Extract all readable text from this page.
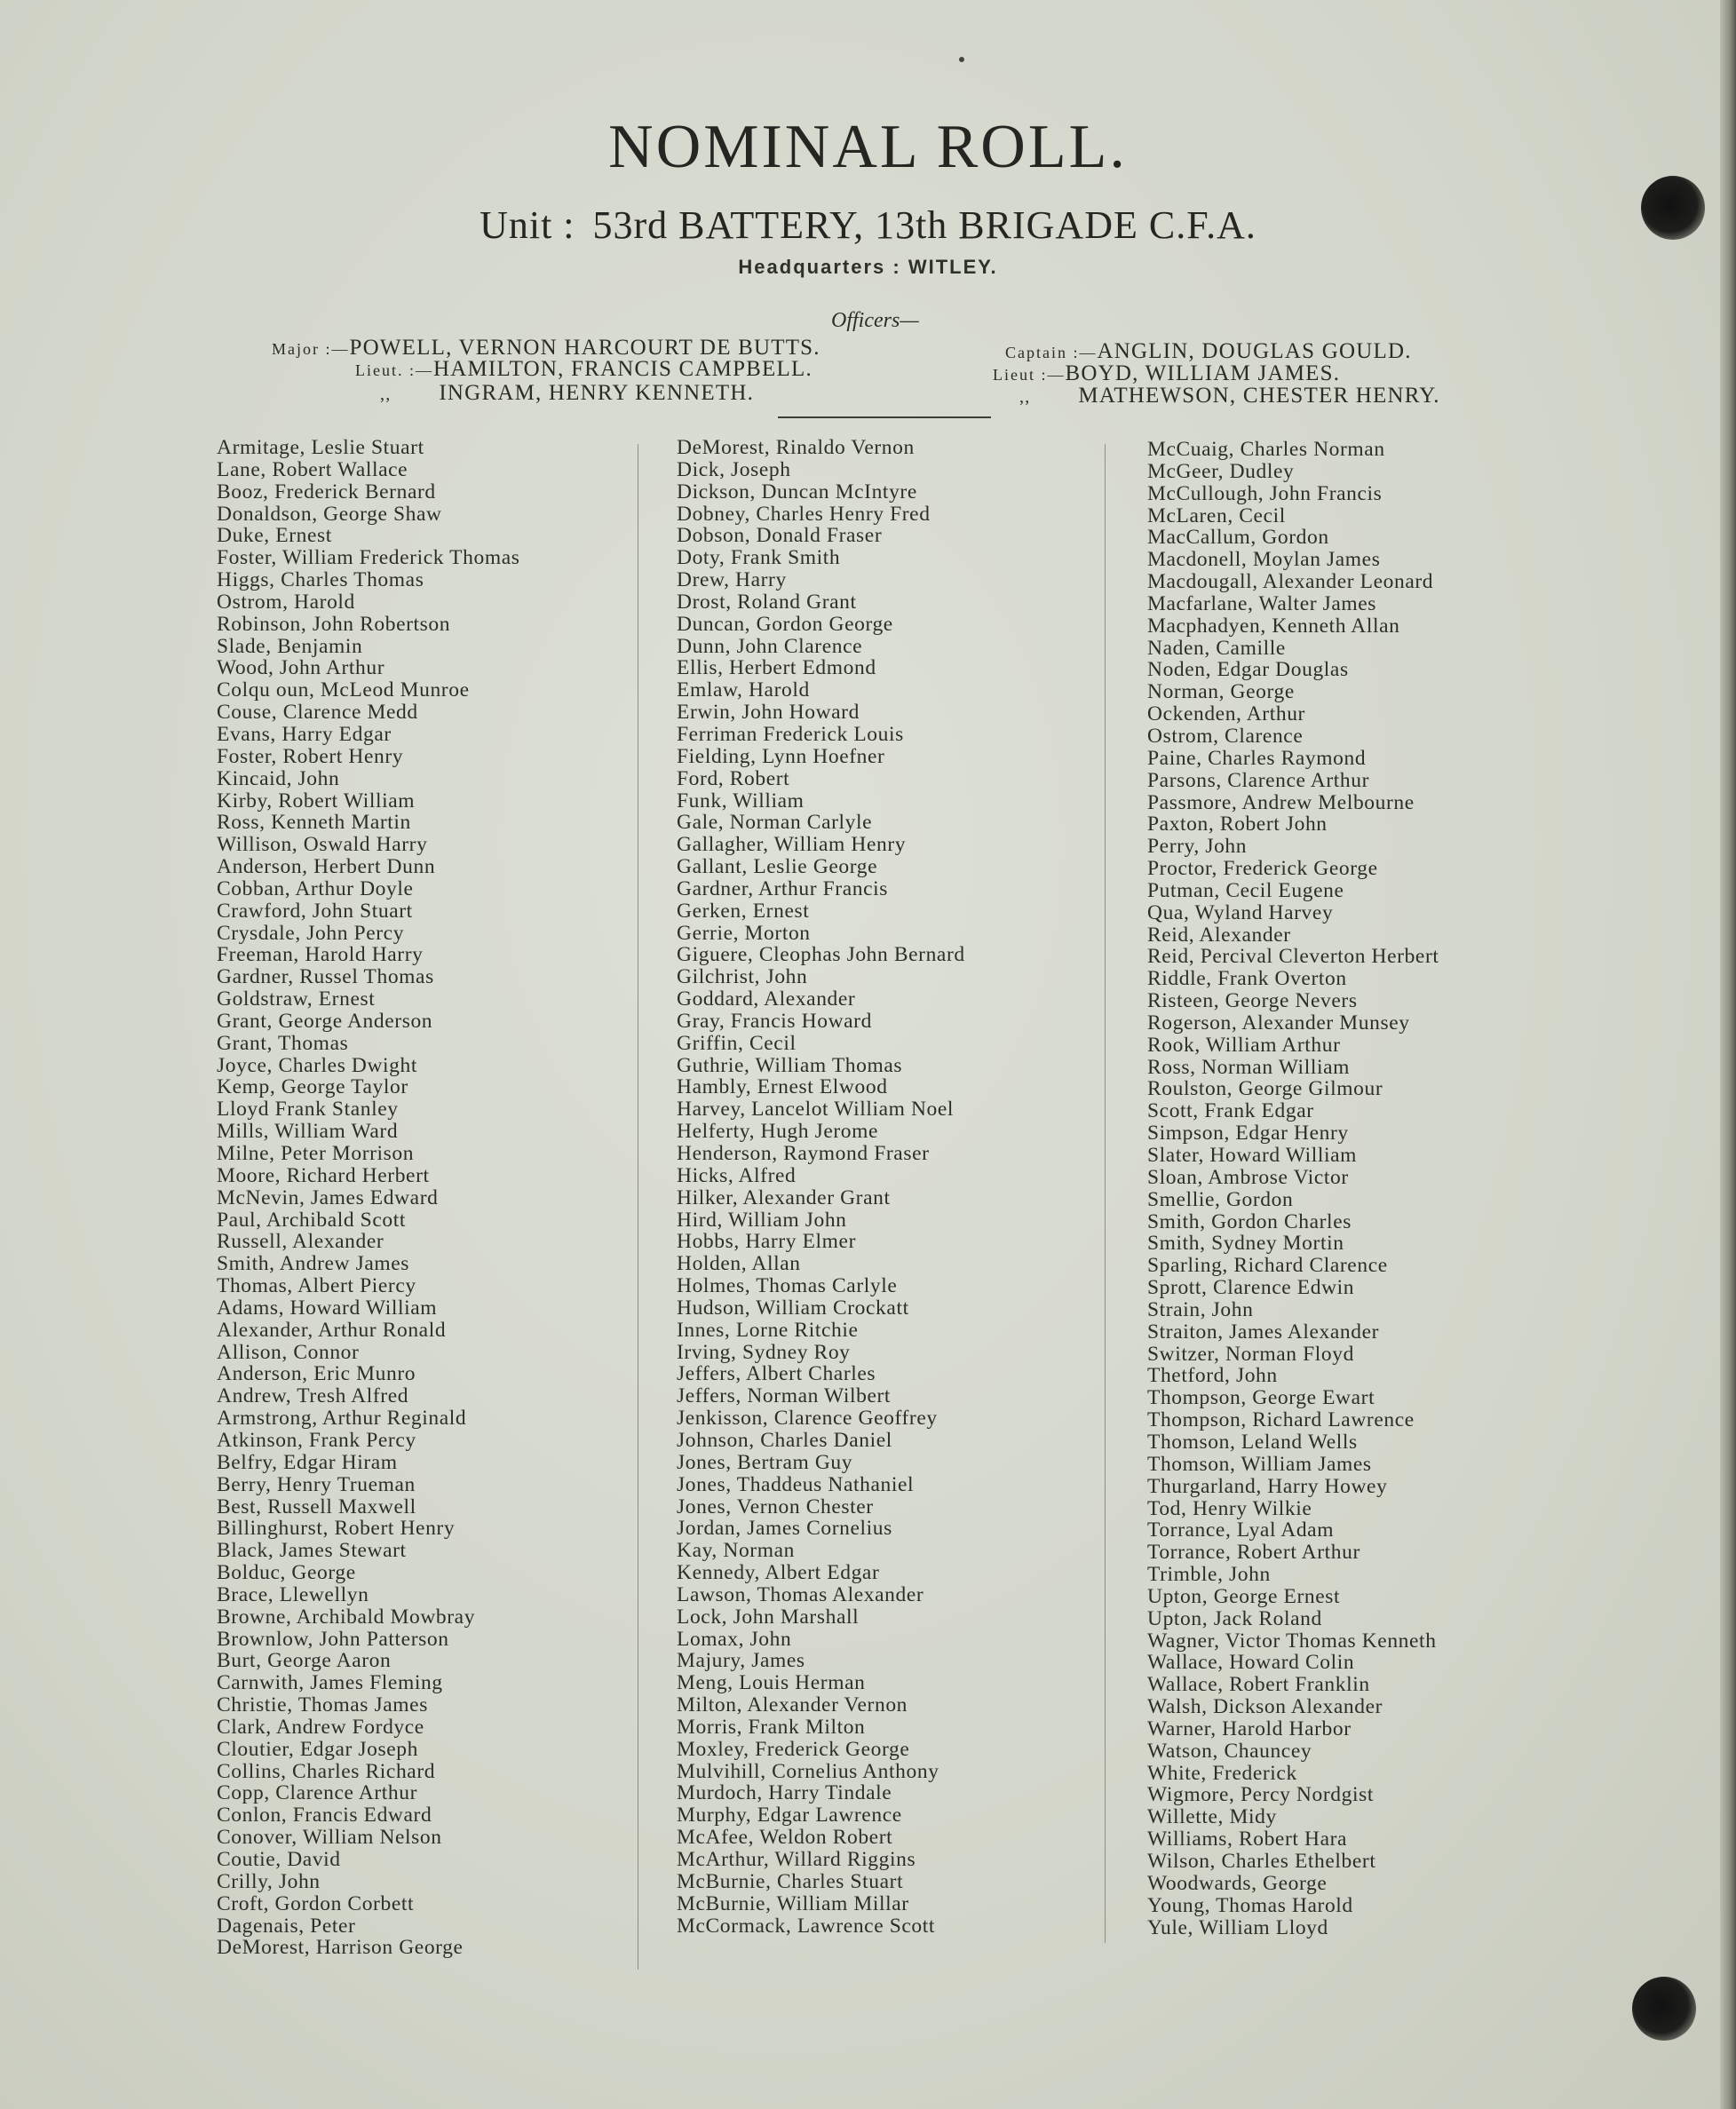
NOMINAL ROLL.
Unit : 53rd BATTERY, 13th BRIGADE C.F.A.
Headquarters : WITLEY.
Officers—
Major :—POWELL, VERNON HARCOURT DE BUTTS.
Lieut. :—HAMILTON, FRANCIS CAMPBELL.
,, INGRAM, HENRY KENNETH.
Captain :—ANGLIN, DOUGLAS GOULD.
Lieut :—BOYD, WILLIAM JAMES.
,, MATHEWSON, CHESTER HENRY.
Armitage, Leslie Stuart
Lane, Robert Wallace
Booz, Frederick Bernard
Donaldson, George Shaw
Duke, Ernest
Foster, William Frederick Thomas
Higgs, Charles Thomas
Ostrom, Harold
Robinson, John Robertson
Slade, Benjamin
Wood, John Arthur
Colqu oun, McLeod Munroe
Couse, Clarence Medd
Evans, Harry Edgar
Foster, Robert Henry
Kincaid, John
Kirby, Robert William
Ross, Kenneth Martin
Willison, Oswald Harry
Anderson, Herbert Dunn
Cobban, Arthur Doyle
Crawford, John Stuart
Crysdale, John Percy
Freeman, Harold Harry
Gardner, Russel Thomas
Goldstraw, Ernest
Grant, George Anderson
Grant, Thomas
Joyce, Charles Dwight
Kemp, George Taylor
Lloyd Frank Stanley
Mills, William Ward
Milne, Peter Morrison
Moore, Richard Herbert
McNevin, James Edward
Paul, Archibald Scott
Russell, Alexander
Smith, Andrew James
Thomas, Albert Piercy
Adams, Howard William
Alexander, Arthur Ronald
Allison, Connor
Anderson, Eric Munro
Andrew, Tresh Alfred
Armstrong, Arthur Reginald
Atkinson, Frank Percy
Belfry, Edgar Hiram
Berry, Henry Trueman
Best, Russell Maxwell
Billinghurst, Robert Henry
Black, James Stewart
Bolduc, George
Brace, Llewellyn
Browne, Archibald Mowbray
Brownlow, John Patterson
Burt, George Aaron
Carnwith, James Fleming
Christie, Thomas James
Clark, Andrew Fordyce
Cloutier, Edgar Joseph
Collins, Charles Richard
Copp, Clarence Arthur
Conlon, Francis Edward
Conover, William Nelson
Coutie, David
Crilly, John
Croft, Gordon Corbett
Dagenais, Peter
DeMorest, Harrison George
DeMorest, Rinaldo Vernon
Dick, Joseph
Dickson, Duncan McIntyre
Dobney, Charles Henry Fred
Dobson, Donald Fraser
Doty, Frank Smith
Drew, Harry
Drost, Roland Grant
Duncan, Gordon George
Dunn, John Clarence
Ellis, Herbert Edmond
Emlaw, Harold
Erwin, John Howard
Ferriman Frederick Louis
Fielding, Lynn Hoefner
Ford, Robert
Funk, William
Gale, Norman Carlyle
Gallagher, William Henry
Gallant, Leslie George
Gardner, Arthur Francis
Gerken, Ernest
Gerrie, Morton
Giguere, Cleophas John Bernard
Gilchrist, John
Goddard, Alexander
Gray, Francis Howard
Griffin, Cecil
Guthrie, William Thomas
Hambly, Ernest Elwood
Harvey, Lancelot William Noel
Helferty, Hugh Jerome
Henderson, Raymond Fraser
Hicks, Alfred
Hilker, Alexander Grant
Hird, William John
Hobbs, Harry Elmer
Holden, Allan
Holmes, Thomas Carlyle
Hudson, William Crockatt
Innes, Lorne Ritchie
Irving, Sydney Roy
Jeffers, Albert Charles
Jeffers, Norman Wilbert
Jenkisson, Clarence Geoffrey
Johnson, Charles Daniel
Jones, Bertram Guy
Jones, Thaddeus Nathaniel
Jones, Vernon Chester
Jordan, James Cornelius
Kay, Norman
Kennedy, Albert Edgar
Lawson, Thomas Alexander
Lock, John Marshall
Lomax, John
Majury, James
Meng, Louis Herman
Milton, Alexander Vernon
Morris, Frank Milton
Moxley, Frederick George
Mulvihill, Cornelius Anthony
Murdoch, Harry Tindale
Murphy, Edgar Lawrence
McAfee, Weldon Robert
McArthur, Willard Riggins
McBurnie, Charles Stuart
McBurnie, William Millar
McCormack, Lawrence Scott
McCuaig, Charles Norman
McGeer, Dudley
McCullough, John Francis
McLaren, Cecil
MacCallum, Gordon
Macdonell, Moylan James
Macdougall, Alexander Leonard
Macfarlane, Walter James
Macphadyen, Kenneth Allan
Naden, Camille
Noden, Edgar Douglas
Norman, George
Ockenden, Arthur
Ostrom, Clarence
Paine, Charles Raymond
Parsons, Clarence Arthur
Passmore, Andrew Melbourne
Paxton, Robert John
Perry, John
Proctor, Frederick George
Putman, Cecil Eugene
Qua, Wyland Harvey
Reid, Alexander
Reid, Percival Cleverton Herbert
Riddle, Frank Overton
Risteen, George Nevers
Rogerson, Alexander Munsey
Rook, William Arthur
Ross, Norman William
Roulston, George Gilmour
Scott, Frank Edgar
Simpson, Edgar Henry
Slater, Howard William
Sloan, Ambrose Victor
Smellie, Gordon
Smith, Gordon Charles
Smith, Sydney Mortin
Sparling, Richard Clarence
Sprott, Clarence Edwin
Strain, John
Straiton, James Alexander
Switzer, Norman Floyd
Thetford, John
Thompson, George Ewart
Thompson, Richard Lawrence
Thomson, Leland Wells
Thomson, William James
Thurgarland, Harry Howey
Tod, Henry Wilkie
Torrance, Lyal Adam
Torrance, Robert Arthur
Trimble, John
Upton, George Ernest
Upton, Jack Roland
Wagner, Victor Thomas Kenneth
Wallace, Howard Colin
Wallace, Robert Franklin
Walsh, Dickson Alexander
Warner, Harold Harbor
Watson, Chauncey
White, Frederick
Wigmore, Percy Nordgist
Willette, Midy
Williams, Robert Hara
Wilson, Charles Ethelbert
Woodwards, George
Young, Thomas Harold
Yule, William Lloyd
